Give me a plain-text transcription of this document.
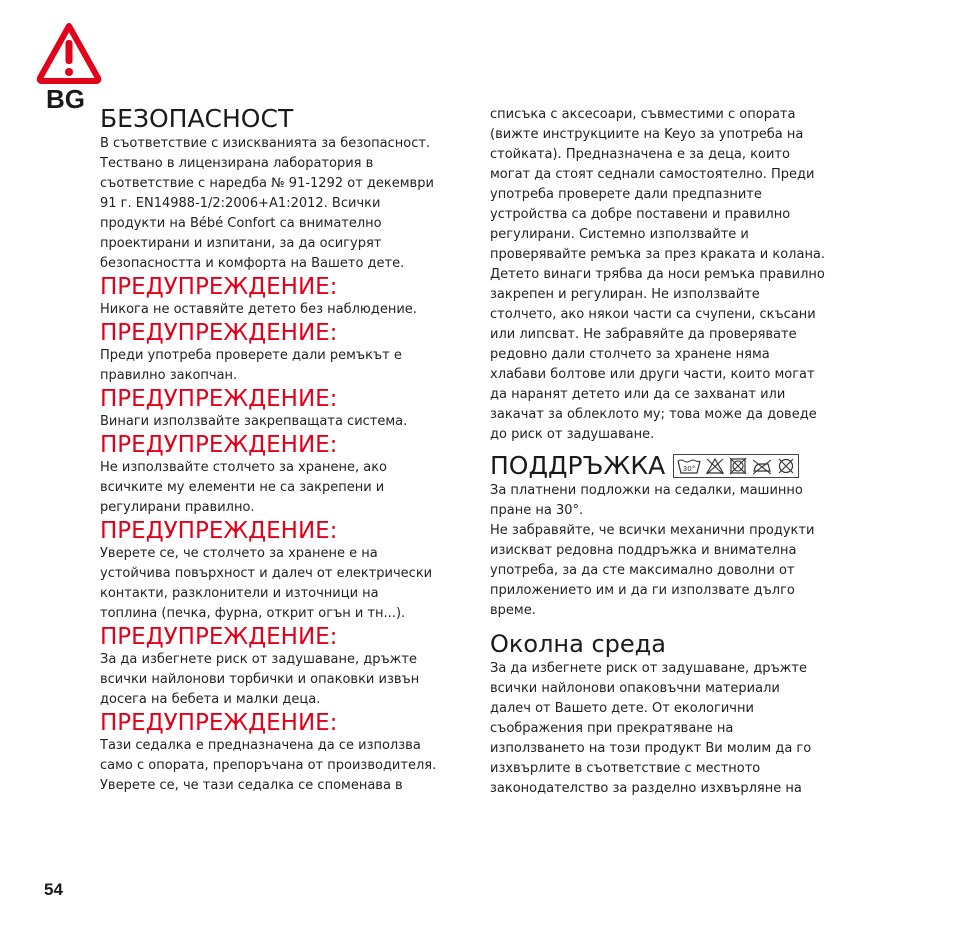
BG
БЕЗОПАСНОСТ

В съответствие с изискванията за безопасност.
Тествано в лицензирана лаборатория в
съответствие с наредба № 91-1292 от декември
91 г. EN14988-1/2:2006+A1:2012. Всички
продукти на Bébé Confort са внимателно
проектирани и изпитани, за да осигурят
безопасността и комфорта на Вашето дете.

ПРЕДУПРЕЖДЕНИЕ:

Никога не оставяйте детето без наблюдение.

ПРЕДУПРЕЖДЕНИЕ:

Преди употреба проверете дали ремъкът е
правилно закопчан.

ПРЕДУПРЕЖДЕНИЕ:

Винаги използвайте закрепващата система.

ПРЕДУПРЕЖДЕНИЕ:

Не използвайте столчето за хранене, ако
всичките му елементи не са закрепени и
регулирани правилно.

ПРЕДУПРЕЖДЕНИЕ:

Уверете се, че столчето за хранене е на
устойчива повърхност и далеч от електрически
контакти, разклонители и източници на
топлина (печка, фурна, открит огън и тн...).

ПРЕДУПРЕЖДЕНИЕ:

За да избегнете риск от задушаване, дръжте
всички найлонови торбички и опаковки извън
досега на бебета и малки деца.

ПРЕДУПРЕЖДЕНИЕ:

Тази седалка е предназначена да се използва
само с опората, препоръчана от производителя.
Уверете се, че тази седалка се споменава в

списъка с аксесоари, съвместими с опората
(вижте инструкциите на Keyo за употреба на
стойката). Предназначена е за деца, които
могат да стоят седнали самостоятелно. Преди
употреба проверете дали предпазните
устройства са добре поставени и правилно
регулирани. Системно използвайте и
проверявайте ремъка за през краката и колана.
Детето винаги трябва да носи ремъка правилно
закрепен и регулиран. Не използвайте
столчето, ако някои части са счупени, скъсани
или липсват. Не забравяйте да проверявате
редовно дали столчето за хранене няма
хлабави болтове или други части, които могат
да наранят детето или да се захванат или
закачат за облеклото му; това може да доведе
до риск от задушаване.

ПОДДРЪЖКА	30°

За платнени подложки на седалки, машинно
пране на 30°.

Не забравяйте, че всички механични продукти
изискват редовна поддръжка и внимателна
употреба, за да сте максимално доволни от
приложението им и да ги използвате дълго
време.

Околна среда

За да избегнете риск от задушаване, дръжте
всички найлонови опаковъчни материали
далеч от Вашето дете. От екологични
съображения при прекратяване на
използването на този продукт Ви молим да го
изхвърлите в съответствие с местното
законодателство за разделно изхвърляне на

54
